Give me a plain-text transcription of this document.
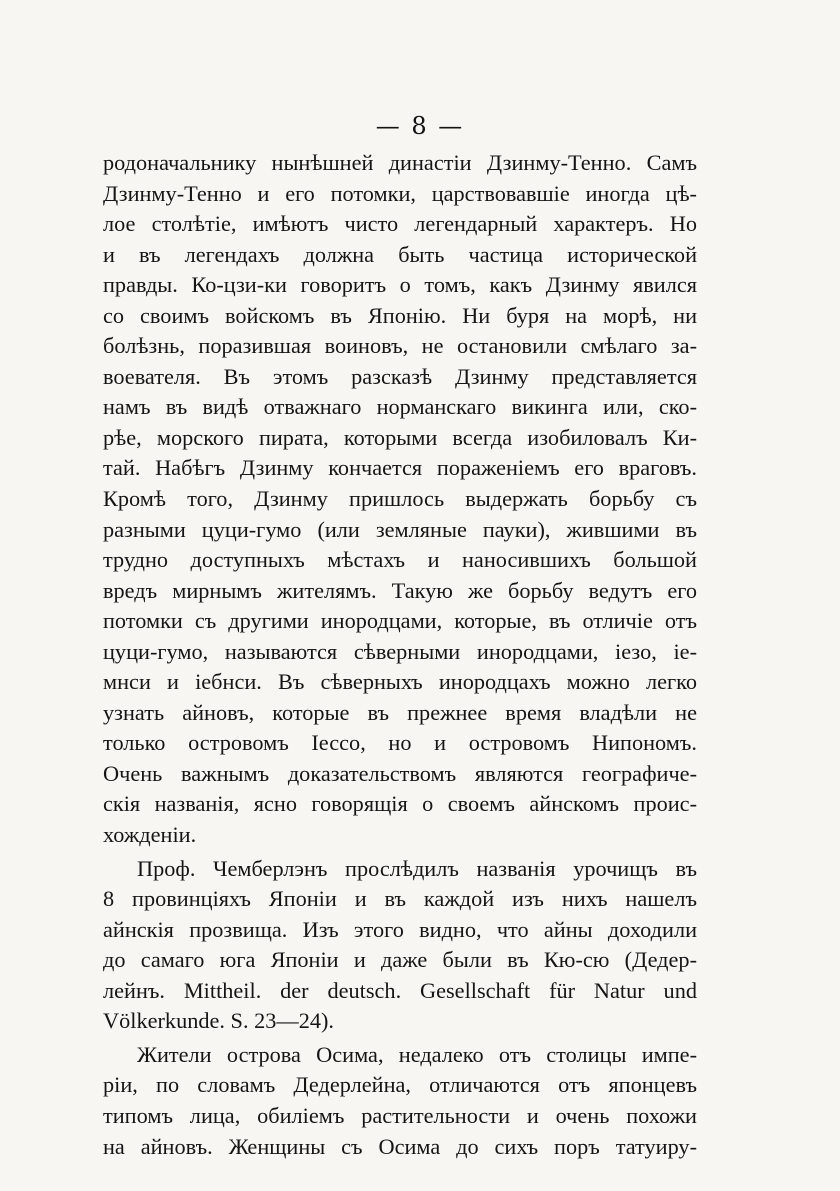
— 8 —
родоначальнику нынѣшней династіи Дзинму-Тенно. Самъ
Дзинму-Тенно и его потомки, царствовавшіе иногда цѣ-
лое столѣтіе, имѣютъ чисто легендарный характеръ. Но
и въ легендахъ должна быть частица исторической
правды. Ко-цзи-ки говоритъ о томъ, какъ Дзинму явился
со своимъ войскомъ въ Японію. Ни буря на морѣ, ни
болѣзнь, поразившая воиновъ, не остановили смѣлаго за-
воевателя. Въ этомъ разсказѣ Дзинму представляется
намъ въ видѣ отважнаго норманскаго викинга или, ско-
рѣе, морского пирата, которыми всегда изобиловалъ Ки-
тай. Набѣгъ Дзинму кончается пораженіемъ его враговъ.
Кромѣ того, Дзинму пришлось выдержать борьбу съ
разными цуци-гумо (или земляные пауки), жившими въ
трудно доступныхъ мѣстахъ и наносившихъ большой
вредъ мирнымъ жителямъ. Такую же борьбу ведутъ его
потомки съ другими инородцами, которые, въ отличіе отъ
цуци-гумо, называются сѣверными инородцами, іезо, іе-
мнси и іебнси. Въ сѣверныхъ инородцахъ можно легко
узнать айновъ, которые въ прежнее время владѣли не
только островомъ Іессо, но и островомъ Нипономъ.
Очень важнымъ доказательствомъ являются географиче-
скія названія, ясно говорящія о своемъ айнскомъ проис-
хожденіи.
Проф. Чемберлэнъ прослѣдилъ названія урочищъ въ
8 провинціяхъ Японіи и въ каждой изъ нихъ нашелъ
айнскія прозвища. Изъ этого видно, что айны доходили
до самаго юга Японіи и даже были въ Кю-сю (Дедер-
лейнъ. Mittheil. der deutsch. Gesellschaft für Natur und
Völkerkunde. S. 23—24).
Жители острова Осима, недалеко отъ столицы импе-
ріи, по словамъ Дедерлейна, отличаются отъ японцевъ
типомъ лица, обиліемъ растительности и очень похожи
на айновъ. Женщины съ Осима до сихъ поръ татуиру-
